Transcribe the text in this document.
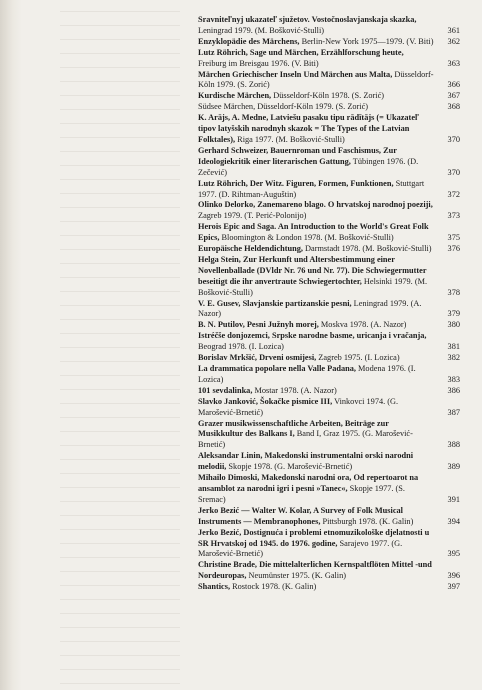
Sravniteľnyj ukazateľ sjužetov. Vostočnoslavjanskaja skazka, Leningrad 1979. (M. Bošković-Stulli)	361
Enzyklopädie des Märchens, Berlin-New York 1975—1979. (V. Biti)	362
Lutz Röhrich, Sage und Märchen, Erzählforschung heute, Freiburg im Breisgau 1976. (V. Biti)	363
Märchen Griechischer Inseln Und Märchen aus Malta, Düsseldorf-Köln 1979. (S. Zorić)	366
Kurdische Märchen, Düsseldorf-Köln 1978. (S. Zorić)	367
Südsee Märchen, Düsseldorf-Köln 1979. (S. Zorić)	368
K. Arājs, A. Medne, Latviešu pasaku tipu rādītājs (= Ukazateľ tipov latyšskih narodnyh skazok = The Types of the Latvian Folktales), Riga 1977. (M. Bošković-Stulli)	370
Gerhard Schweizer, Bauernroman und Faschismus, Zur Ideologiekritik einer literarischen Gattung, Tübingen 1976. (D. Zečević)	370
Lutz Röhrich, Der Witz. Figuren, Formen, Funktionen, Stuttgart 1977. (D. Rihtman-Auguštin)	372
Olinko Delorko, Zanemareno blago. O hrvatskoj narodnoj poeziji, Zagreb 1979. (T. Perić-Polonijo)	373
Herois Epic and Saga. An Introduction to the World's Great Folk Epics, Bloomington & London 1978. (M. Bošković-Stulli)	375
Europäische Heldendichtung, Darmstadt 1978. (M. Bošković-Stulli)	376
Helga Stein, Zur Herkunft und Altersbestimmung einer Novellenballade (DVldr Nr. 76 und Nr. 77). Die Schwiegermutter beseitigt die ihr anvertraute Schwiegertochter, Helsinki 1979. (M. Bošković-Stulli)	378
V. E. Gusev, Slavjanskie partizanskie pesni, Leningrad 1979. (A. Nazor)	379
B. N. Putilov, Pesni Južnyh morej, Moskva 1978. (A. Nazor)	380
Istréčše donjozemci, Srpske narodne basme, uricanja i vračanja, Beograd 1978. (I. Lozica)	381
Borislav Mrkšić, Drveni osmijesi, Zagreb 1975. (I. Lozica)	382
La drammatica popolare nella Valle Padana, Modena 1976. (I. Lozica)	383
101 sevdalinka, Mostar 1978. (A. Nazor)	386
Slavko Janković, Šokačke pismice III, Vinkovci 1974. (G. Marošević-Brnetić)	387
Grazer musikwissenschaftliche Arbeiten, Beiträge zur Musikkultur des Balkans I, Band I, Graz 1975. (G. Marošević-Brnetić)	388
Aleksandar Linin, Makedonski instrumentalni orski narodni melodii, Skopje 1978. (G. Marošević-Brnetić)	389
Mihailo Dimoski, Makedonski narodni ora, Od repertoarot na ansamblot za narodni igri i pesni »Tanec«, Skopje 1977. (S. Sremac)	391
Jerko Bezić — Walter W. Kolar, A Survey of Folk Musical Instruments — Membranophones, Pittsburgh 1978. (K. Galin)	394
Jerko Bezić, Dostignuća i problemi etnomuzikološke djelatnosti u SR Hrvatskoj od 1945. do 1976. godine, Sarajevo 1977. (G. Marošević-Brnetić)	395
Christine Brade, Die mittelalterlichen Kernspaltflöten Mittel -und Nordeuropas, Neumünster 1975. (K. Galin)	396
Shantics, Rostock 1978. (K. Galin)	397
